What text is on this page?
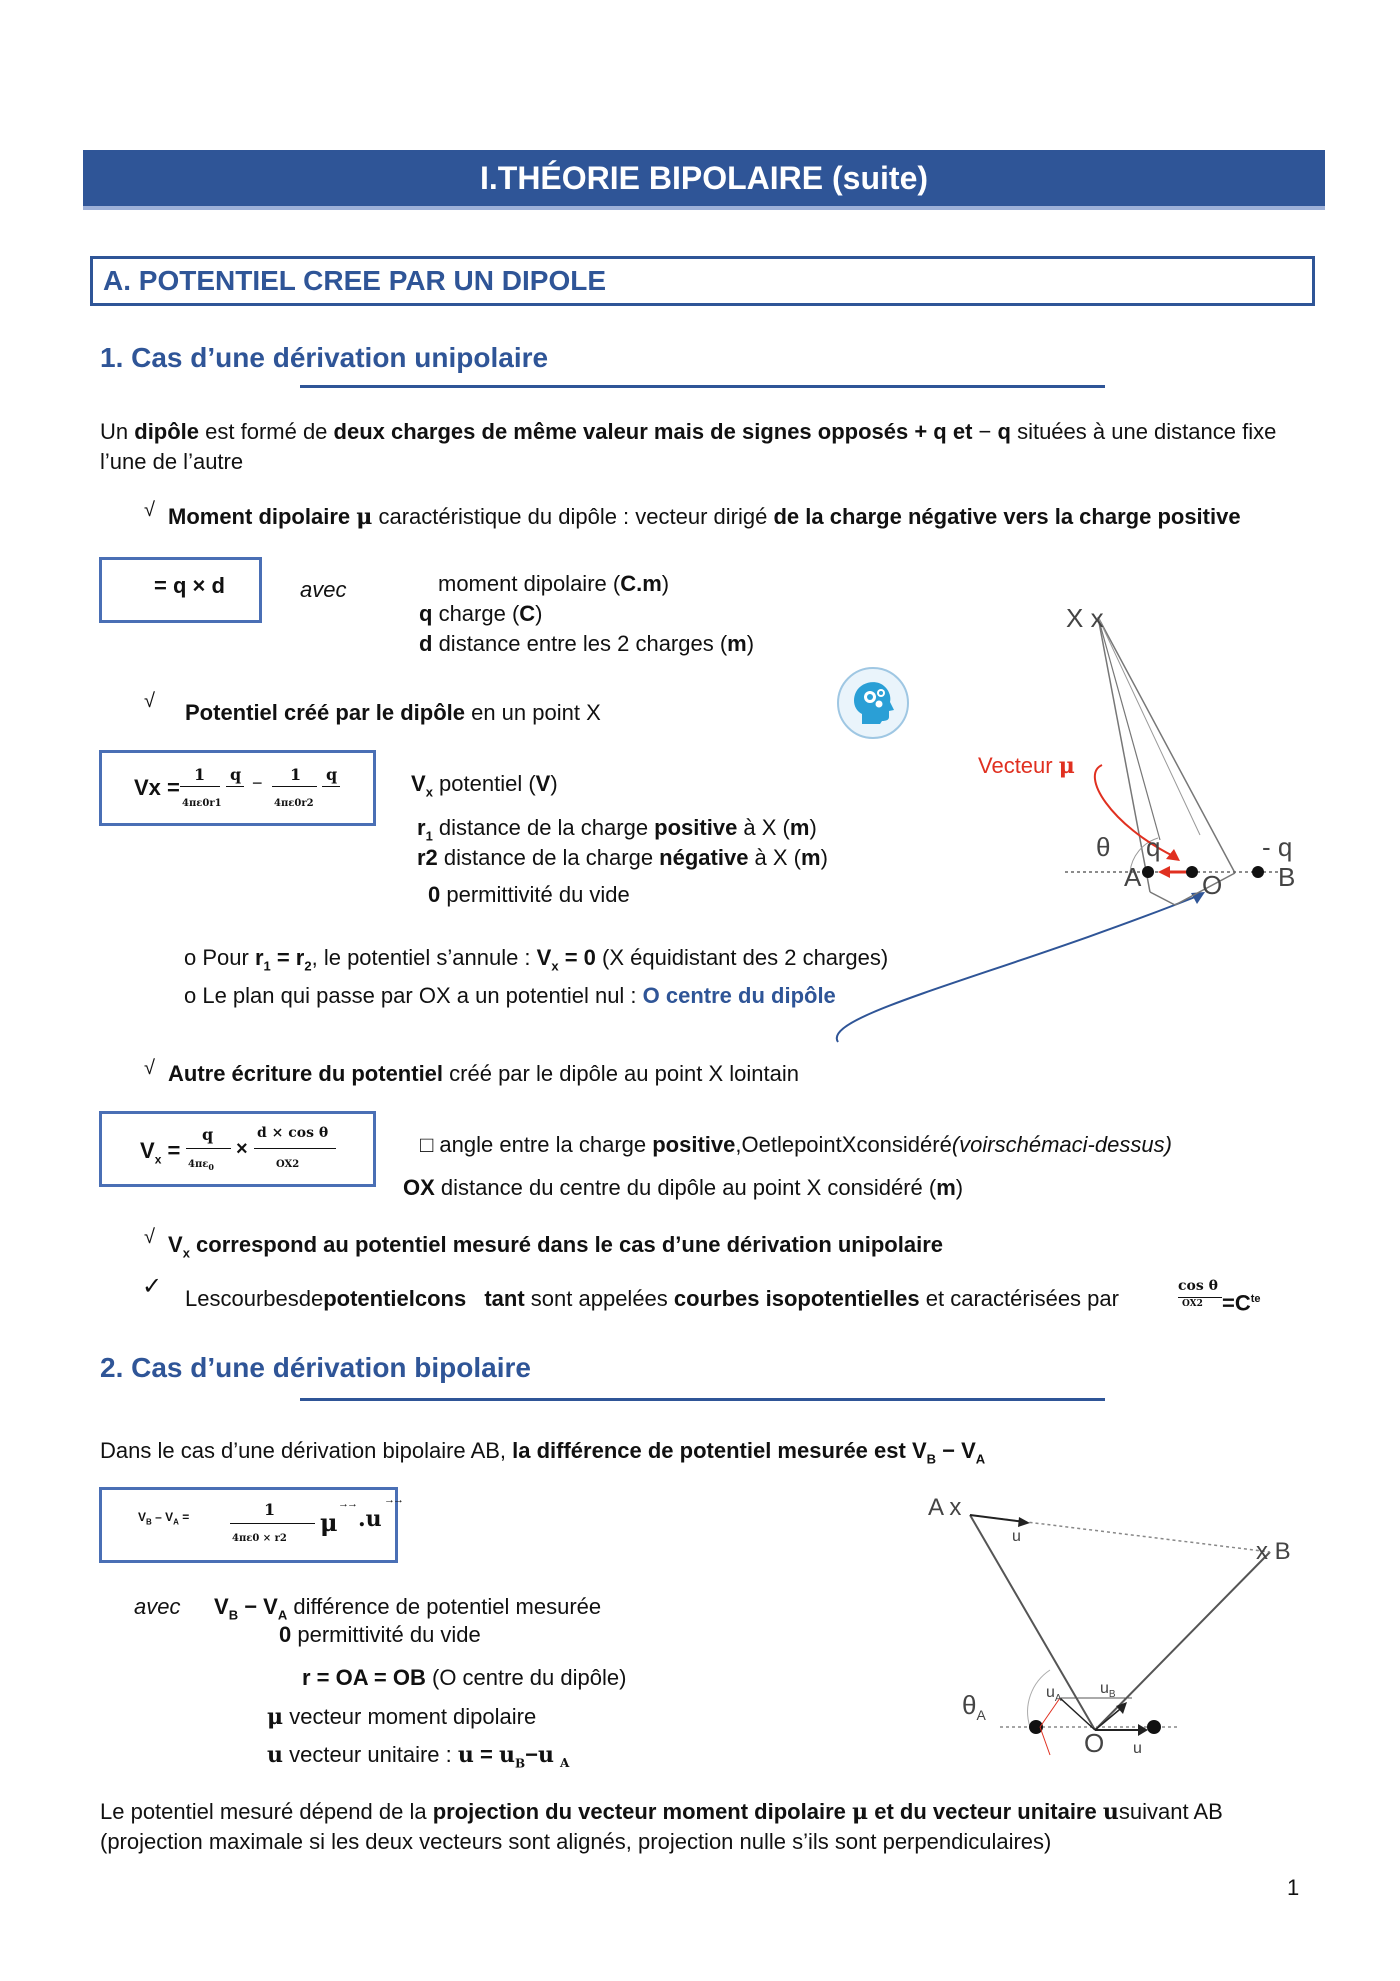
I.THÉORIE BIPOLAIRE (suite)
A. POTENTIEL CREE PAR UN DIPOLE
1. Cas d’une dérivation unipolaire
Un dipôle est formé de deux charges de même valeur mais de signes opposés + q et − q situées à une distance fixe
l’une de l’autre
√ Moment dipolaire μ caractéristique du dipôle : vecteur dirigé de la charge négative vers la charge positive
= q × d	avec	moment dipolaire (C.m)
q charge (C)
d distance entre les 2 charges (m)
√ Potentiel créé par le dipôle en un point X
Vx =
1 q − 1 q
4πε0r1	4πε0r2
$V_x$ potentiel (V)
$r_1$ distance de la charge positive à X (m)
r2 distance de la charge négative à X (m)
0 permittivité du vide
o Pour $r_1 = r_2$, le potentiel s’annule : $V_x = 0$ (X équidistant des 2 charges)
o Le plan qui passe par OX a un potentiel nul : O centre du dipôle
X x
Vecteur μ
θ q	- q
A O B
√ Autre écriture du potentiel créé par le dipôle au point X lointain
$V_x$ =
q
$4\pi\varepsilon_0$
×
d × cos θ
OX2
□ angle entre la charge positive,OetlepointXconsidéré(voirschémaci-dessus)
OX distance du centre du dipôle au point X considéré (m)
√ $V_x$ correspond au potentiel mesuré dans le cas d’une dérivation unipolaire
✓ Lescourbesdepotentielcons tant sont appelées courbes isopotentielles et caractérisées par	cos θ
$OX2 =C^{te}$
2. Cas d’une dérivation bipolaire
Dans le cas d’une dérivation bipolaire AB, la différence de potentiel mesurée est $V_B - V_A$
$V_B - V_A$ =	1
4πε0 × r2
μ
→→
.u
→→
avec $V_B - V_A$ différence de potentiel mesurée
0 permittivité du vide
r = OA = OB (O centre du dipôle)
μ vecteur moment dipolaire
u vecteur unitaire : $u = u_B-u$ $_A$
A x
u
x B
$\theta_A$
$u_A$
$u_B$
O u
Le potentiel mesuré dépend de la projection du vecteur moment dipolaire μ et du vecteur unitaire usuivant AB
(projection maximale si les deux vecteurs sont alignés, projection nulle s’ils sont perpendiculaires)
1
